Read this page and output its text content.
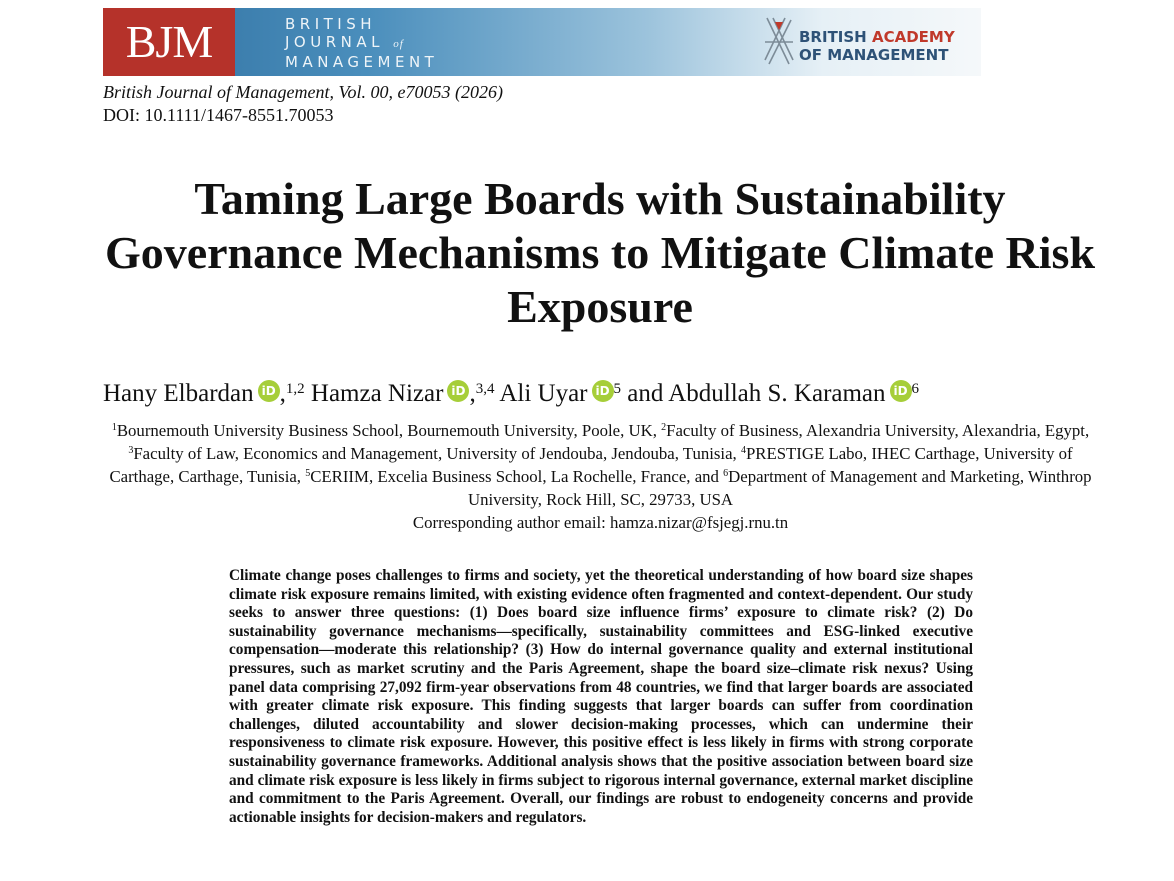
BJM	BRITISH
JOURNAL of
MANAGEMENT
BRITISH ACADEMY
OF MANAGEMENT
British Journal of Management, Vol. 00, e70053 (2026)
DOI: 10.1111/1467-8551.70053
Taming Large Boards with Sustainability Governance Mechanisms to Mitigate Climate Risk Exposure
Hany Elbardan iD ,$^{1,2}$ Hamza Nizar iD ,$^{3,4}$ Ali Uyar iD $^5$ and Abdullah S. Karaman iD $^6$
$^1$Bournemouth University Business School, Bournemouth University, Poole, UK, $^2$Faculty of Business, Alexandria University, Alexandria, Egypt, $^3$Faculty of Law, Economics and Management, University of Jendouba, Jendouba, Tunisia, $^4$PRESTIGE Labo, IHEC Carthage, University of Carthage, Carthage, Tunisia, $^5$CERIIM, Excelia Business School, La Rochelle, France, and $^6$Department of Management and Marketing, Winthrop University, Rock Hill, SC, 29733, USA
Corresponding author email: hamza.nizar@fsjegj.rnu.tn

Climate change poses challenges to firms and society, yet the theoretical understanding of how board size shapes climate risk exposure remains limited, with existing evidence often fragmented and context-dependent. Our study seeks to answer three questions: (1) Does board size influence firms’ exposure to climate risk? (2) Do sustainability governance mechanisms—specifically, sustainability committees and ESG-linked executive compensation—moderate this relationship? (3) How do internal governance quality and external institutional pressures, such as market scrutiny and the Paris Agreement, shape the board size–climate risk nexus? Using panel data comprising 27,092 firm-year observations from 48 countries, we find that larger boards are associated with greater climate risk exposure. This finding suggests that larger boards can suffer from coordination challenges, diluted accountability and slower decision-making processes, which can undermine their responsiveness to climate risk exposure. However, this positive effect is less likely in firms with strong corporate sustainability governance frameworks. Additional analysis shows that the positive association between board size and climate risk exposure is less likely in firms subject to rigorous internal governance, external market discipline and commitment to the Paris Agreement. Overall, our findings are robust to endogeneity concerns and provide actionable insights for decision-makers and regulators.
